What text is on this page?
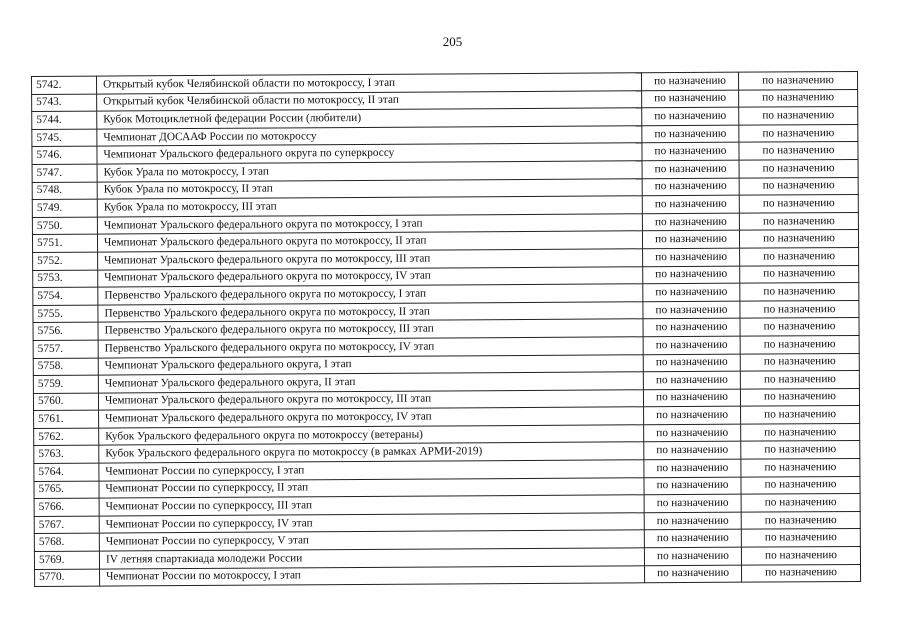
205
5742.	Открытый кубок Челябинской области по мотокроссу, I этап	по назначению	по назначению
5743.	Открытый кубок Челябинской области по мотокроссу, II этап	по назначению	по назначению
5744.	Кубок Мотоциклетной федерации России (любители)	по назначению	по назначению
5745.	Чемпионат ДОСААФ России по мотокроссу	по назначению	по назначению
5746.	Чемпионат Уральского федерального округа по суперкроссу	по назначению	по назначению
5747.	Кубок Урала по мотокроссу, I этап	по назначению	по назначению
5748.	Кубок Урала по мотокроссу, II этап	по назначению	по назначению
5749.	Кубок Урала по мотокроссу, III этап	по назначению	по назначению
5750.	Чемпионат Уральского федерального округа по мотокроссу, I этап	по назначению	по назначению
5751.	Чемпионат Уральского федерального округа по мотокроссу, II этап	по назначению	по назначению
5752.	Чемпионат Уральского федерального округа по мотокроссу, III этап	по назначению	по назначению
5753.	Чемпионат Уральского федерального округа по мотокроссу, IV этап	по назначению	по назначению
5754.	Первенство Уральского федерального округа по мотокроссу, I этап	по назначению	по назначению
5755.	Первенство Уральского федерального округа по мотокроссу, II этап	по назначению	по назначению
5756.	Первенство Уральского федерального округа по мотокроссу, III этап	по назначению	по назначению
5757.	Первенство Уральского федерального округа по мотокроссу, IV этап	по назначению	по назначению
5758.	Чемпионат Уральского федерального округа, I этап	по назначению	по назначению
5759.	Чемпионат Уральского федерального округа, II этап	по назначению	по назначению
5760.	Чемпионат Уральского федерального округа по мотокроссу, III этап	по назначению	по назначению
5761.	Чемпионат Уральского федерального округа по мотокроссу, IV этап	по назначению	по назначению
5762.	Кубок Уральского федерального округа по мотокроссу (ветераны)	по назначению	по назначению
5763.	Кубок Уральского федерального округа по мотокроссу (в рамках АРМИ-2019)	по назначению	по назначению
5764.	Чемпионат России по суперкроссу, I этап	по назначению	по назначению
5765.	Чемпионат России по суперкроссу, II этап	по назначению	по назначению
5766.	Чемпионат России по суперкроссу, III этап	по назначению	по назначению
5767.	Чемпионат России по суперкроссу, IV этап	по назначению	по назначению
5768.	Чемпионат России по суперкроссу, V этап	по назначению	по назначению
5769.	IV летняя спартакиада молодежи России	по назначению	по назначению
5770.	Чемпионат России по мотокроссу, I этап	по назначению	по назначению
